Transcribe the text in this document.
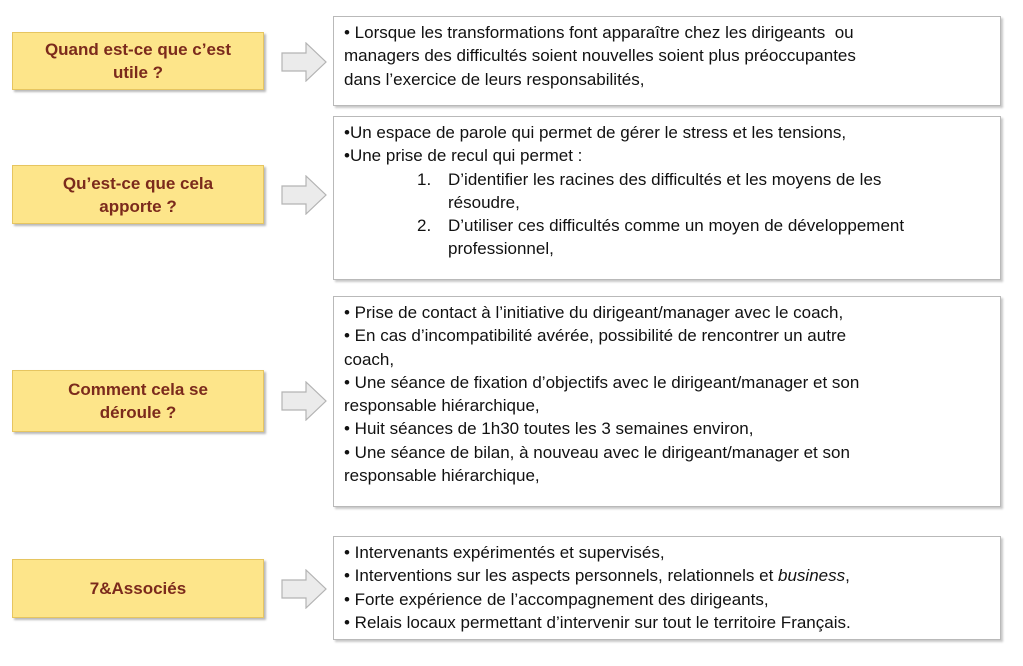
Quand est-ce que c’est
utile ?
• Lorsque les transformations font apparaître chez les dirigeants  ou
managers des difficultés soient nouvelles soient plus préoccupantes
dans l’exercice de leurs responsabilités,
Qu’est-ce que cela
apporte ?
•Un espace de parole qui permet de gérer le stress et les tensions,
•Une prise de recul qui permet :
1. D’identifier les racines des difficultés et les moyens de les
résoudre,
2. D’utiliser ces difficultés comme un moyen de développement
professionnel,
Comment cela se
déroule ?
• Prise de contact à l’initiative du dirigeant/manager avec le coach,
• En cas d’incompatibilité avérée, possibilité de rencontrer un autre
coach,
• Une séance de fixation d’objectifs avec le dirigeant/manager et son
responsable hiérarchique,
• Huit séances de 1h30 toutes les 3 semaines environ,
• Une séance de bilan, à nouveau avec le dirigeant/manager et son
responsable hiérarchique,
7&Associés
• Intervenants expérimentés et supervisés,
• Interventions sur les aspects personnels, relationnels et business,
• Forte expérience de l’accompagnement des dirigeants,
• Relais locaux permettant d’intervenir sur tout le territoire Français.
